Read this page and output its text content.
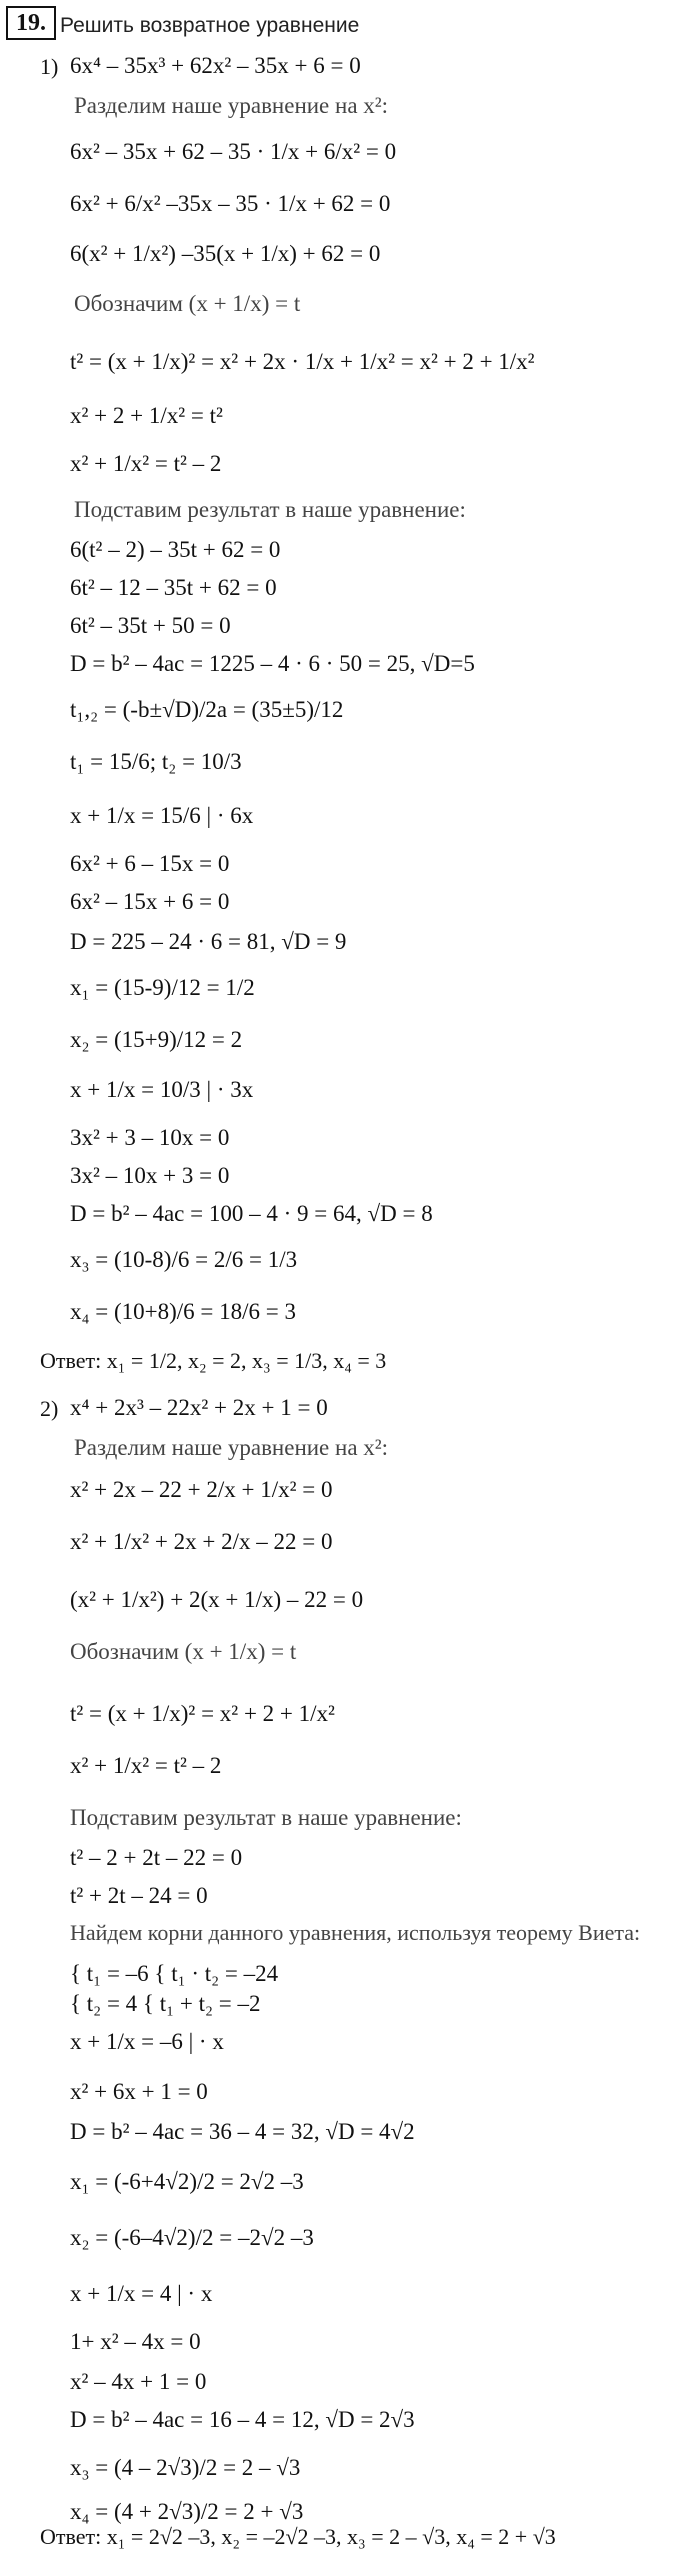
19. Решить возвратное уравнение
1) 6x⁴ – 35x³ + 62x² – 35x + 6 = 0
Разделим наше уравнение на x²:
6x² – 35x + 62 – 35 · 1/x + 6/x² = 0
6x² + 6/x² –35x – 35 · 1/x + 62 = 0
6(x² + 1/x²) –35(x + 1/x) + 62 = 0
Обозначим (x + 1/x) = t
t² = (x + 1/x)² = x² + 2x · 1/x + 1/x² = x² + 2 + 1/x²
x² + 2 + 1/x² = t²
x² + 1/x² = t² – 2
Подставим результат в наше уравнение:
6(t² – 2) – 35t + 62 = 0
6t² – 12 – 35t + 62 = 0
6t² – 35t + 50 = 0
D = b² – 4ac = 1225 – 4 · 6 · 50 = 25, √D=5
t₁,₂ = (-b±√D)/2a = (35±5)/12
t₁ = 15/6; t₂ = 10/3
x + 1/x = 15/6 | · 6x
6x² + 6 – 15x = 0
6x² – 15x + 6 = 0
D = 225 – 24 · 6 = 81, √D = 9
x₁ = (15-9)/12 = 1/2
x₂ = (15+9)/12 = 2
x + 1/x = 10/3 | · 3x
3x² + 3 – 10x = 0
3x² – 10x + 3 = 0
D = b² – 4ac = 100 – 4 · 9 = 64, √D = 8
x₃ = (10-8)/6 = 2/6 = 1/3
x₄ = (10+8)/6 = 18/6 = 3
Ответ: x₁ = 1/2, x₂ = 2, x₃ = 1/3, x₄ = 3
2) x⁴ + 2x³ – 22x² + 2x + 1 = 0
Разделим наше уравнение на x²:
x² + 2x – 22 + 2/x + 1/x² = 0
x² + 1/x² + 2x + 2/x – 22 = 0
(x² + 1/x²) + 2(x + 1/x) – 22 = 0
Обозначим (x + 1/x) = t
t² = (x + 1/x)² = x² + 2 + 1/x²
x² + 1/x² = t² – 2
Подставим результат в наше уравнение:
t² – 2 + 2t – 22 = 0
t² + 2t – 24 = 0
Найдем корни данного уравнения, используя теорему Виета:
{ t₁ = –6 { t₁ · t₂ = –24
{ t₂ = 4 { t₁ + t₂ = –2
x + 1/x = –6 | · x
x² + 6x + 1 = 0
D = b² – 4ac = 36 – 4 = 32, √D = 4√2
x₁ = (-6+4√2)/2 = 2√2 –3
x₂ = (-6–4√2)/2 = –2√2 –3
x + 1/x = 4 | · x
1+ x² – 4x = 0
x² – 4x + 1 = 0
D = b² – 4ac = 16 – 4 = 12, √D = 2√3
x₃ = (4 – 2√3)/2 = 2 – √3
x₄ = (4 + 2√3)/2 = 2 + √3
Ответ: x₁ = 2√2 –3, x₂ = –2√2 –3, x₃ = 2 – √3, x₄ = 2 + √3
